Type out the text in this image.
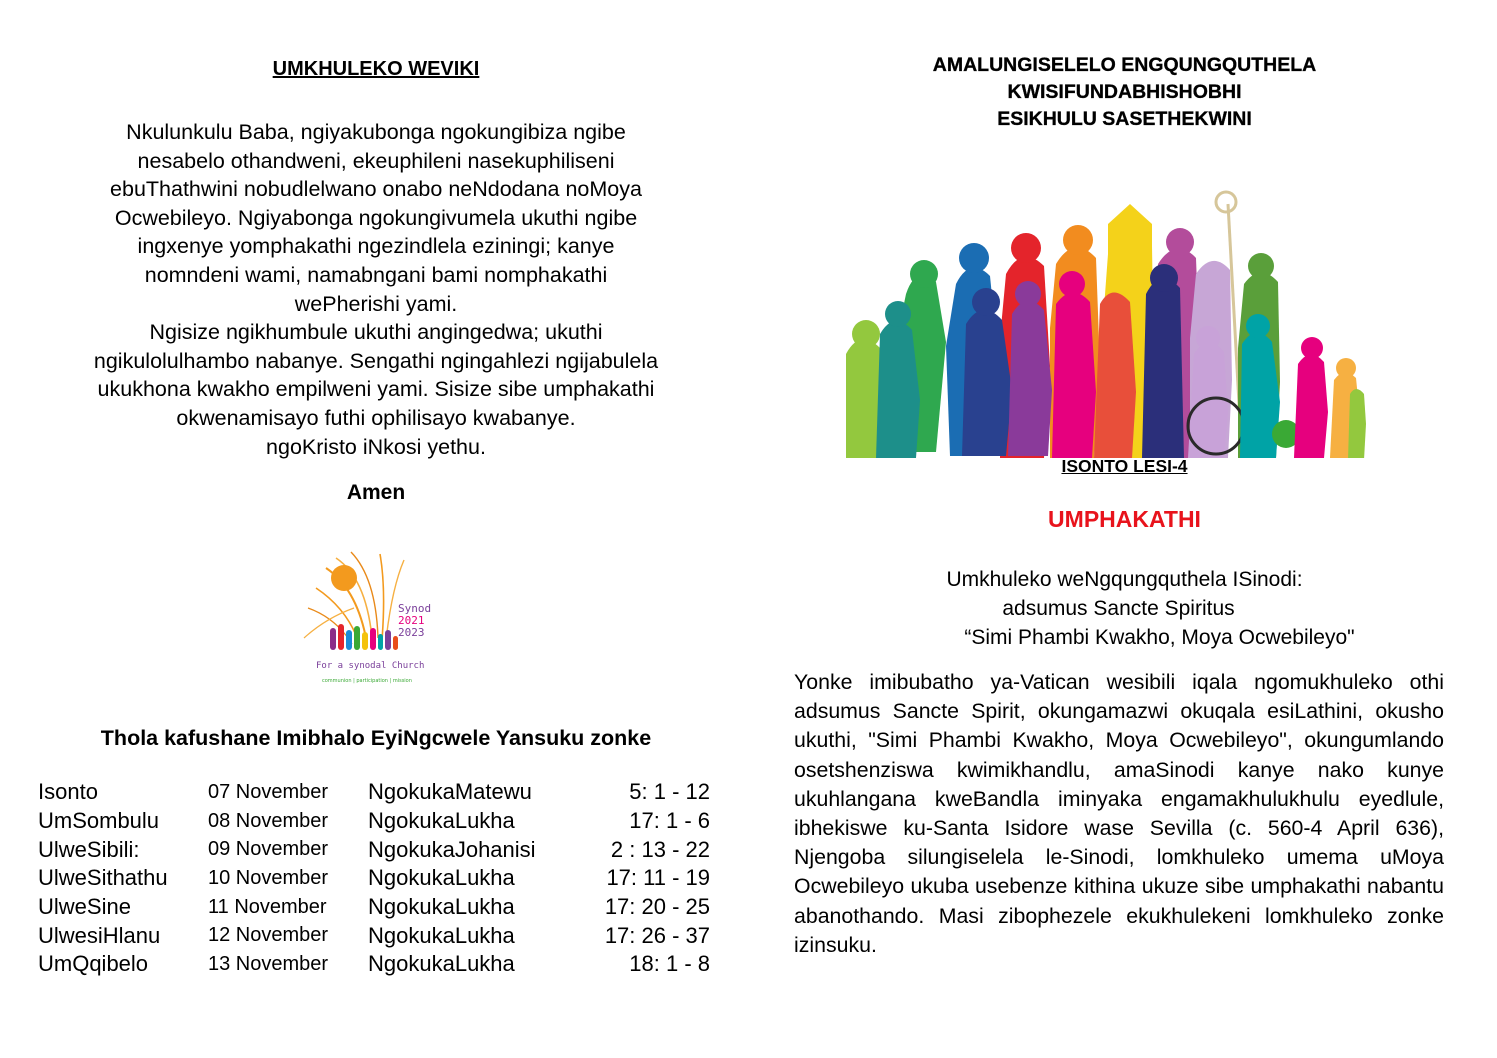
UMKHULEKO WEVIKI

Nkulunkulu Baba, ngiyakubonga ngokungibiza ngibe

nesabelo othandweni, ekeuphileni nasekuphiliseni

ebuThathwini nobudlelwano onabo neNdodana noMoya

Ocwebileyo. Ngiyabonga ngokungivumela ukuthi ngibe

ingxenye yomphakathi ngezindlela eziningi; kanye

nomndeni wami, namabngani bami nomphakathi

wePherishi yami.

Ngisize ngikhumbule ukuthi angingedwa; ukuthi

ngikulolulhambo nabanye. Sengathi ngingahlezi ngijabulela

ukukhona kwakho empilweni yami. Sisize sibe umphakathi

okwenamisayo futhi ophilisayo kwabanye.

ngoKristo iNkosi yethu.

Amen
Synod
2021
2023
For a synodal Church
communion | participation | mission
Thola kafushane Imibhalo EyiNgcwele Yansuku zonke
Isonto	07 November	NgokukaMatewu	5: 1 - 12
UmSombulu	08 November	NgokukaLukha	17: 1 - 6
UlweSibili:	09 November	NgokukaJohanisi	2 : 13 - 22
UlweSithathu	10 November	NgokukaLukha	17: 11 - 19
UlweSine	11 November	NgokukaLukha	17: 20 - 25
UlwesiHlanu	12 November	NgokukaLukha	17: 26 - 37
UmQqibelo	13 November	NgokukaLukha	18: 1 - 8
AMALUNGISELELO ENGQUNGQUTHELA
KWISIFUNDABHISHOBHI
ESIKHULU SASETHEKWINI
ISONTO LESI-4
UMPHAKATHI
Umkhuleko weNgqungquthela ISinodi:
adsumus Sancte Spiritus
“Simi Phambi Kwakho, Moya Ocwebileyo"
Yonke imibubatho ya-Vatican wesibili iqala ngomukhuleko othi adsumus Sancte Spirit, okungamazwi okuqala esiLathini, okusho ukuthi, "Simi Phambi Kwakho, Moya Ocwebileyo", okungumlando osetshenziswa kwimikhandlu, amaSinodi kanye nako kunye ukuhlangana kweBandla iminyaka engamakhulukhulu eyedlule, ibhekiswe ku-Santa Isidore wase Sevilla (c. 560-4 April 636), Njengoba silungiselela le-Sinodi, lomkhuleko umema uMoya Ocwebileyo ukuba usebenze kithina ukuze sibe umphakathi nabantu abanothando. Masi zibophezele ekukhulekeni lomkhuleko zonke izinsuku.
